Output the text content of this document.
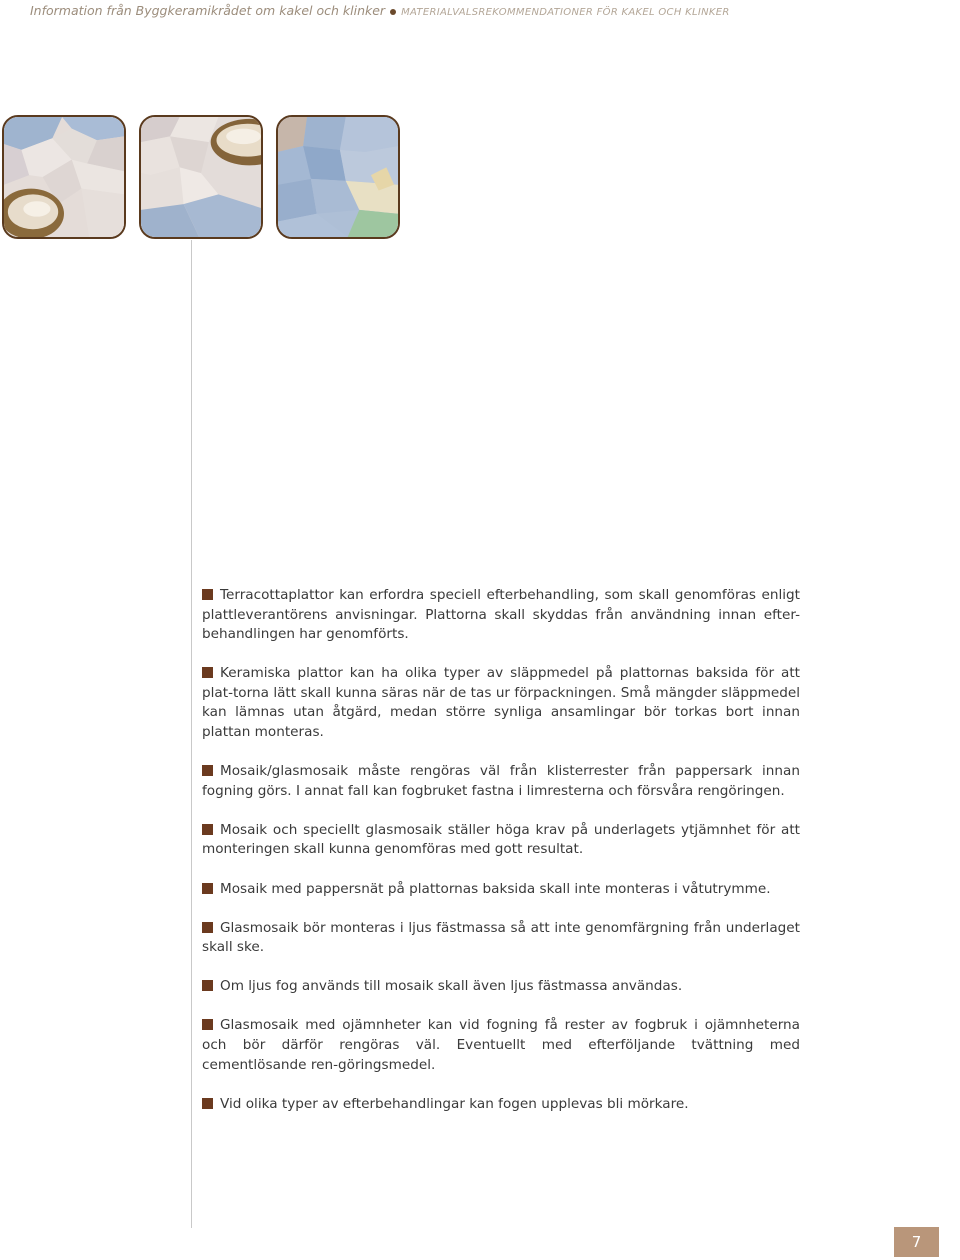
Information från Byggkeramikrådet om kakel och klinker MATERIALVALSREKOMMENDATIONER FÖR KAKEL OCH KLINKER

Terracottaplattor kan erfordra speciell efterbehandling, som skall genomföras enligt plattleverantörens anvisningar. Plattorna skall skyddas från användning innan efter-behandlingen har genomförts.

Keramiska plattor kan ha olika typer av släppmedel på plattornas baksida för att plat-torna lätt skall kunna säras när de tas ur förpackningen. Små mängder släppmedel kan lämnas utan åtgärd, medan större synliga ansamlingar bör torkas bort innan plattan monteras.

Mosaik/glasmosaik måste rengöras väl från klisterrester från pappersark innan fogning görs. I annat fall kan fogbruket fastna i limresterna och försvåra rengöringen.

Mosaik och speciellt glasmosaik ställer höga krav på underlagets ytjämnhet för att monteringen skall kunna genomföras med gott resultat.

Mosaik med pappersnät på plattornas baksida skall inte monteras i våtutrymme.

Glasmosaik bör monteras i ljus fästmassa så att inte genomfärgning från underlaget skall ske.

Om ljus fog används till mosaik skall även ljus fästmassa användas.

Glasmosaik med ojämnheter kan vid fogning få rester av fogbruk i ojämnheterna och bör därför rengöras väl. Eventuellt med efterföljande tvättning med cementlösande ren-göringsmedel.

Vid olika typer av efterbehandlingar kan fogen upplevas bli mörkare.

7
